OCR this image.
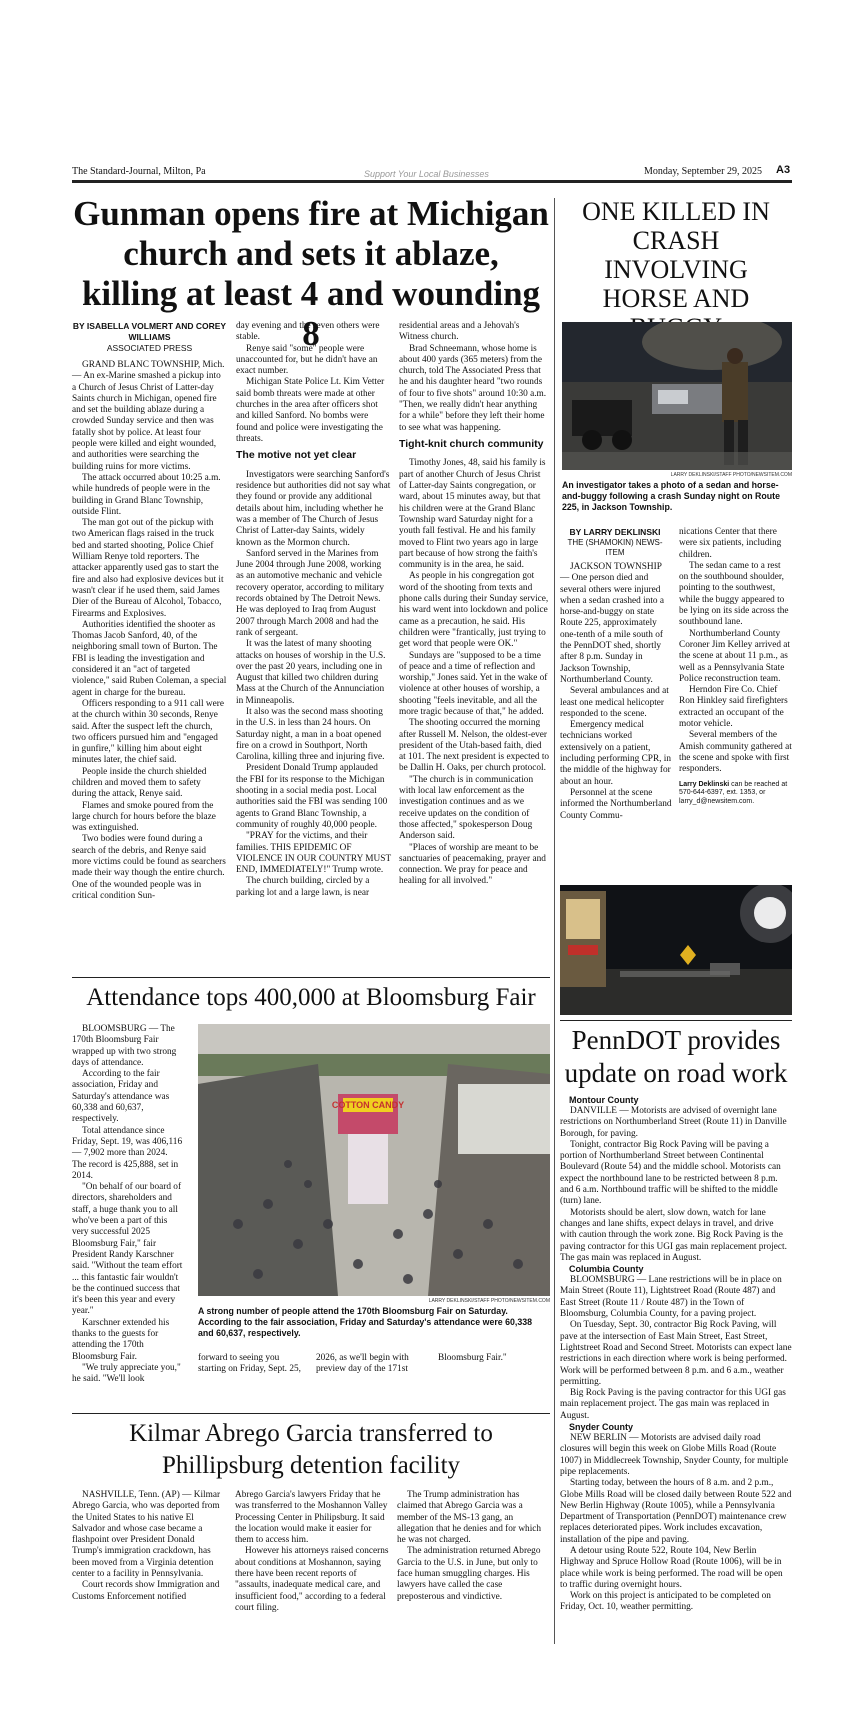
The Standard-Journal, Milton, Pa	Support Your Local Businesses	Monday, September 29, 2025 A3
Gunman opens fire at Michigan church and sets it ablaze, killing at least 4 and wounding 8
BY ISABELLA VOLMERT AND COREY WILLIAMS
ASSOCIATED PRESS

GRAND BLANC TOWNSHIP, Mich. — An ex-Marine smashed a pickup into a Church of Jesus Christ of Latter-day Saints church in Michigan, opened fire and set the building ablaze during a crowded Sunday service and then was fatally shot by police. At least four people were killed and eight wounded, and authorities were searching the building ruins for more victims.

The attack occurred about 10:25 a.m. while hundreds of people were in the building in Grand Blanc Township, outside Flint.

The man got out of the pickup with two American flags raised in the truck bed and started shooting, Police Chief William Renye told reporters. The attacker apparently used gas to start the fire and also had explosive devices but it wasn't clear if he used them, said James Dier of the Bureau of Alcohol, Tobacco, Firearms and Explosives.

Authorities identified the shooter as Thomas Jacob Sanford, 40, of the neighboring small town of Burton. The FBI is leading the investigation and considered it an "act of targeted violence," said Ruben Coleman, a special agent in charge for the bureau.

Officers responding to a 911 call were at the church within 30 seconds, Renye said. After the suspect left the church, two officers pursued him and "engaged in gunfire," killing him about eight minutes later, the chief said.

People inside the church shielded children and moved them to safety during the attack, Renye said.

Flames and smoke poured from the large church for hours before the blaze was extinguished.

Two bodies were found during a search of the debris, and Renye said more victims could be found as searchers made their way though the entire church. One of the wounded people was in critical condition Sun-

day evening and the seven others were stable.

Renye said "some" people were unaccounted for, but he didn't have an exact number.

Michigan State Police Lt. Kim Vetter said bomb threats were made at other churches in the area after officers shot and killed Sanford. No bombs were found and police were investigating the threats.

The motive not yet clear

Investigators were searching Sanford's residence but authorities did not say what they found or provide any additional details about him, including whether he was a member of The Church of Jesus Christ of Latter-day Saints, widely known as the Mormon church.

Sanford served in the Marines from June 2004 through June 2008, working as an automotive mechanic and vehicle recovery operator, according to military records obtained by The Detroit News. He was deployed to Iraq from August 2007 through March 2008 and had the rank of sergeant.

It was the latest of many shooting attacks on houses of worship in the U.S. over the past 20 years, including one in August that killed two children during Mass at the Church of the Annunciation in Minneapolis.

It also was the second mass shooting in the U.S. in less than 24 hours. On Saturday night, a man in a boat opened fire on a crowd in Southport, North Carolina, killing three and injuring five.

President Donald Trump applauded the FBI for its response to the Michigan shooting in a social media post. Local authorities said the FBI was sending 100 agents to Grand Blanc Township, a community of roughly 40,000 people.

"PRAY for the victims, and their families. THIS EPIDEMIC OF VIOLENCE IN OUR COUNTRY MUST END, IMMEDIATELY!" Trump wrote.

The church building, circled by a parking lot and a large lawn, is near

residential areas and a Jehovah's Witness church.

Brad Schneemann, whose home is about 400 yards (365 meters) from the church, told The Associated Press that he and his daughter heard "two rounds of four to five shots" around 10:30 a.m. "Then, we really didn't hear anything for a while" before they left their home to see what was happening.

Tight-knit church community

Timothy Jones, 48, said his family is part of another Church of Jesus Christ of Latter-day Saints congregation, or ward, about 15 minutes away, but that his children were at the Grand Blanc Township ward Saturday night for a youth fall festival. He and his family moved to Flint two years ago in large part because of how strong the faith's community is in the area, he said.

As people in his congregation got word of the shooting from texts and phone calls during their Sunday service, his ward went into lockdown and police came as a precaution, he said. His children were "frantically, just trying to get word that people were OK."

Sundays are "supposed to be a time of peace and a time of reflection and worship," Jones said. Yet in the wake of violence at other houses of worship, a shooting "feels inevitable, and all the more tragic because of that," he added.

The shooting occurred the morning after Russell M. Nelson, the oldest-ever president of the Utah-based faith, died at 101. The next president is expected to be Dallin H. Oaks, per church protocol.

"The church is in communication with local law enforcement as the investigation continues and as we receive updates on the condition of those affected," spokesperson Doug Anderson said.

"Places of worship are meant to be sanctuaries of peacemaking, prayer and connection. We pray for peace and healing for all involved."

ONE KILLED IN CRASH INVOLVING HORSE AND
LARRY DEKLINSKI/STAFF PHOTO/NEWSITEM.COM
An investigator takes a photo of a sedan and horse-and-buggy following a crash Sunday night on Route 225, in Jackson Township.
BY LARRY DEKLINSKI
THE (SHAMOKIN) NEWS-ITEM

JACKSON TOWNSHIP — One person died and several others were injured when a sedan crashed into a horse-and-buggy on state Route 225, approximately one-tenth of a mile south of the PennDOT shed, shortly after 8 p.m. Sunday in Jackson Township, Northumberland County.

Several ambulances and at least one medical helicopter responded to the scene.

Emergency medical technicians worked extensively on a patient, including performing CPR, in the middle of the highway for about an hour.

Personnel at the scene informed the Northumberland County Commu-

nications Center that there were six patients, including children.

The sedan came to a rest on the southbound shoulder, pointing to the southwest, while the buggy appeared to be lying on its side across the southbound lane.

Northumberland County Coroner Jim Kelley arrived at the scene at about 11 p.m., as well as a Pennsylvania State Police reconstruction team.

Herndon Fire Co. Chief Ron Hinkley said firefighters extracted an occupant of the motor vehicle.

Several members of the Amish community gathered at the scene and spoke with first responders.

Larry Deklinski can be reached at 570-644-6397, ext. 1353, or larry_d@newsitem.com.

Attendance tops 400,000 at Bloomsburg Fair

BLOOMSBURG — The 170th Bloomsburg Fair wrapped up with two strong days of attendance.

According to the fair association, Friday and Saturday's attendance was 60,338 and 60,637, respectively.

Total attendance since Friday, Sept. 19, was 406,116 — 7,902 more than 2024. The record is 425,888, set in 2014.

"On behalf of our board of directors, shareholders and staff, a huge thank you to all who've been a part of this very successful 2025 Bloomsburg Fair," fair President Randy Karschner said. "Without the team effort ... this fantastic fair wouldn't be the continued success that it's been this year and every year."

Karschner extended his thanks to the guests for attending the 170th Bloomsburg Fair.

"We truly appreciate you," he said. "We'll look

COTTON CANDY
LARRY DEKLINSKI/STAFF PHOTO/NEWSITEM.COM
A strong number of people attend the 170th Bloomsburg Fair on Saturday. According to the fair association, Friday and Saturday's attendance were 60,338 and 60,637, respectively.
forward to seeing you starting on Friday, Sept. 25,
2026, as we'll begin with preview day of the 171st
Bloomsburg Fair."
Kilmar Abrego Garcia transferred to Phillipsburg detention facility

NASHVILLE, Tenn. (AP) — Kilmar Abrego Garcia, who was deported from the United States to his native El Salvador and whose case became a flashpoint over President Donald Trump's immigration crackdown, has been moved from a Virginia detention center to a facility in Pennsylvania.

Court records show Immigration and Customs Enforcement notified

Abrego Garcia's lawyers Friday that he was transferred to the Moshannon Valley Processing Center in Philipsburg. It said the location would make it easier for them to access him.

However his attorneys raised concerns about conditions at Moshannon, saying there have been recent reports of "assaults, inadequate medical care, and insufficient food," according to a federal court filing.

The Trump administration has claimed that Abrego Garcia was a member of the MS-13 gang, an allegation that he denies and for which he was not charged.

The administration returned Abrego Garcia to the U.S. in June, but only to face human smuggling charges. His lawyers have called the case preposterous and vindictive.

PennDOT provides update on road work
Montour County

DANVILLE — Motorists are advised of overnight lane restrictions on Northumberland Street (Route 11) in Danville Borough, for paving.

Tonight, contractor Big Rock Paving will be paving a portion of Northumberland Street between Continental Boulevard (Route 54) and the middle school. Motorists can expect the northbound lane to be restricted between 8 p.m. and 6 a.m. Northbound traffic will be shifted to the middle (turn) lane.

Motorists should be alert, slow down, watch for lane changes and lane shifts, expect delays in travel, and drive with caution through the work zone. Big Rock Paving is the paving contractor for this UGI gas main replacement project. The gas main was replaced in August.

Columbia County

BLOOMSBURG — Lane restrictions will be in place on Main Street (Route 11), Lightstreet Road (Route 487) and East Street (Route 11 / Route 487) in the Town of Bloomsburg, Columbia County, for a paving project.

On Tuesday, Sept. 30, contractor Big Rock Paving, will pave at the intersection of East Main Street, East Street, Lightstreet Road and Second Street. Motorists can expect lane restrictions in each direction where work is being performed. Work will be performed between 8 p.m. and 6 a.m., weather permitting.

Big Rock Paving is the paving contractor for this UGI gas main replacement project. The gas main was replaced in August.

Snyder County

NEW BERLIN — Motorists are advised daily road closures will begin this week on Globe Mills Road (Route 1007) in Middlecreek Township, Snyder County, for multiple pipe replacements.

Starting today, between the hours of 8 a.m. and 2 p.m., Globe Mills Road will be closed daily between Route 522 and New Berlin Highway (Route 1005), while a Pennsylvania Department of Transportation (PennDOT) maintenance crew replaces deteriorated pipes. Work includes excavation, installation of the pipe and paving.

A detour using Route 522, Route 104, New Berlin Highway and Spruce Hollow Road (Route 1006), will be in place while work is being performed. The road will be open to traffic during overnight hours.

Work on this project is anticipated to be completed on Friday, Oct. 10, weather permitting.
